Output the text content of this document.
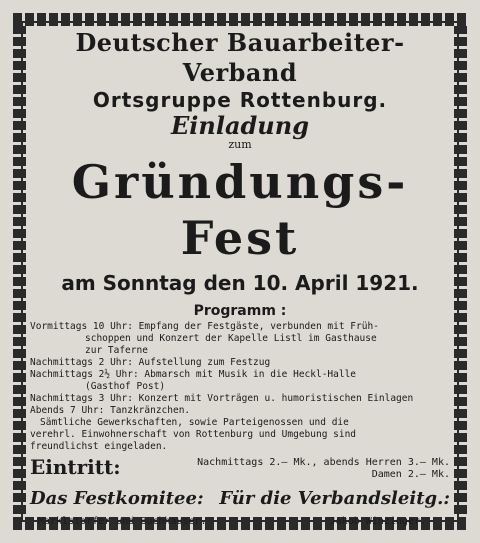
Deutscher Bauarbeiter-Verband
Ortsgruppe Rottenburg.
Einladung
zum
Gründungs-Fest
am Sonntag den 10. April 1921.
Programm :
Vormittags 10 Uhr: Empfang der Festgäste, verbunden mit Früh-
schoppen und Konzert der Kapelle Listl im Gasthause
zur Taferne
Nachmittags 2 Uhr: Aufstellung zum Festzug
Nachmittags 2½ Uhr: Abmarsch mit Musik in die Heckl-Halle
(Gasthof Post)
Nachmittags 3 Uhr: Konzert mit Vorträgen u. humoristischen Einlagen
Abends 7 Uhr: Tanzkränzchen.
Sämtliche Gewerkschaften, sowie Parteigenossen und die
verehrl. Einwohnerschaft von Rottenburg und Umgebung sind
freundlichst eingeladen.
Eintritt:	Nachmittags 2.— Mk., abends Herren 3.— Mk.
Damen 2.— Mk.
Das Festkomitee: Für die Verbandsleitg.:
Marklstorfer und Buchhauser.	Jakob Winzinger.
